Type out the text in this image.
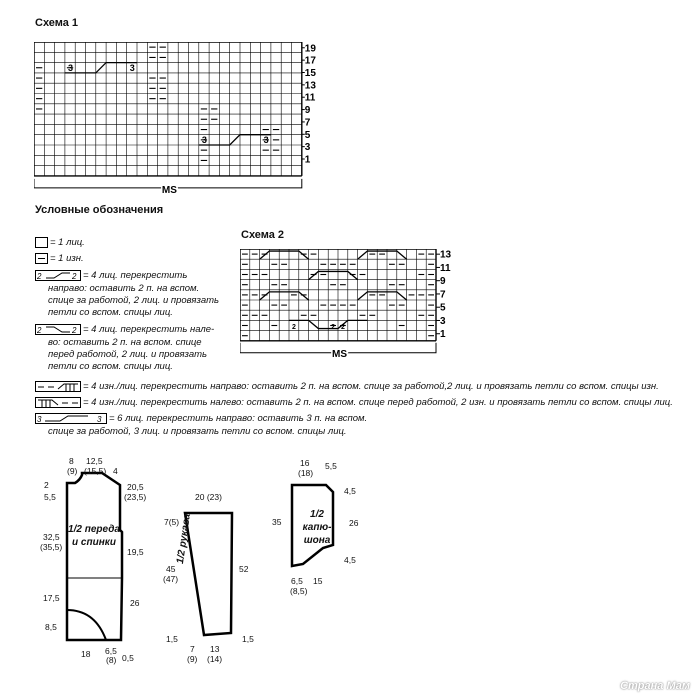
Схема 1
3	3
3	3
MS
19
17
15
13
11
9
7
5
3
1
Условные обозначения
= 1 лиц.
= 1 изн.
2	2 = 4 лиц. перекрестить
направо: оставить 2 п. на вспом.
спице за работой, 2 лиц. и провязать
петли со вспом. спицы лиц.
2	2 = 4 лиц. перекрестить нале-
во: оставить 2 п. на вспом. спице
перед работой, 2 лиц. и провязать
петли со вспом. спицы лиц.
= 4 изн./лиц. перекрестить направо: оставить 2 п. на вспом. спице за работой,2 лиц. и провязать петли со вспом. спицы изн.
= 4 изн./лиц. перекрестить налево: оставить 2 п. на вспом. спице перед работой, 2 изн. и провязать петли со вспом. спицы лиц.
3	3 = 6 лиц. перекрестить направо: оставить 3 п. на вспом.
спице за работой, 3 лиц. и провязать петли со вспом. спицы лиц.
Схема 2
2	2 2
MS
13
11
9
7
5
3
1
1/2 переда и спинки	1/2 рукава	1/2 капю-шона
8
(9)
12,5
(15,5) 4
2
5,5
32,5
(35,5)
17,5
8,5
20,5
(23,5)
19,5
26
18 6,5
(8) 0,5
20 (23)
7(5)
45
(47)
52
1,5	1,5
7
(9)
13
(14)
16
(18)
5,5
35
4,5
26
4,5
6,5
(8,5)
15
Страна Мам
